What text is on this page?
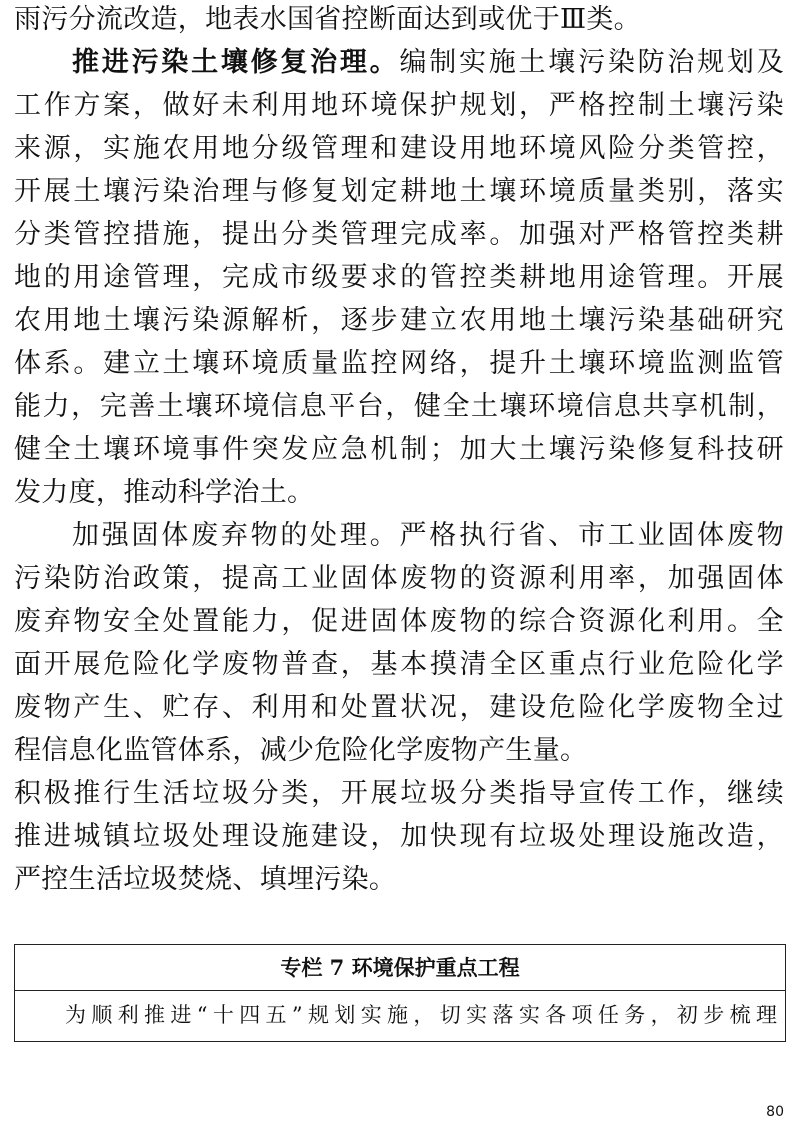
雨污分流改造，地表水国省控断面达到或优于Ⅲ类。
推进污染土壤修复治理。编制实施土壤污染防治规划及
工作方案，做好未利用地环境保护规划，严格控制土壤污染
来源，实施农用地分级管理和建设用地环境风险分类管控，
开展土壤污染治理与修复划定耕地土壤环境质量类别，落实
分类管控措施，提出分类管理完成率。加强对严格管控类耕
地的用途管理，完成市级要求的管控类耕地用途管理。开展
农用地土壤污染源解析，逐步建立农用地土壤污染基础研究
体系。建立土壤环境质量监控网络，提升土壤环境监测监管
能力，完善土壤环境信息平台，健全土壤环境信息共享机制，
健全土壤环境事件突发应急机制；加大土壤污染修复科技研
发力度，推动科学治土。
加强固体废弃物的处理。严格执行省、市工业固体废物
污染防治政策，提高工业固体废物的资源利用率，加强固体
废弃物安全处置能力，促进固体废物的综合资源化利用。全
面开展危险化学废物普查，基本摸清全区重点行业危险化学
废物产生、贮存、利用和处置状况，建设危险化学废物全过
程信息化监管体系，减少危险化学废物产生量。
积极推行生活垃圾分类，开展垃圾分类指导宣传工作，继续
推进城镇垃圾处理设施建设，加快现有垃圾处理设施改造，
严控生活垃圾焚烧、填埋污染。
专栏 7 环境保护重点工程
为顺利推进“十四五”规划实施，切实落实各项任务，初步梳理
80
